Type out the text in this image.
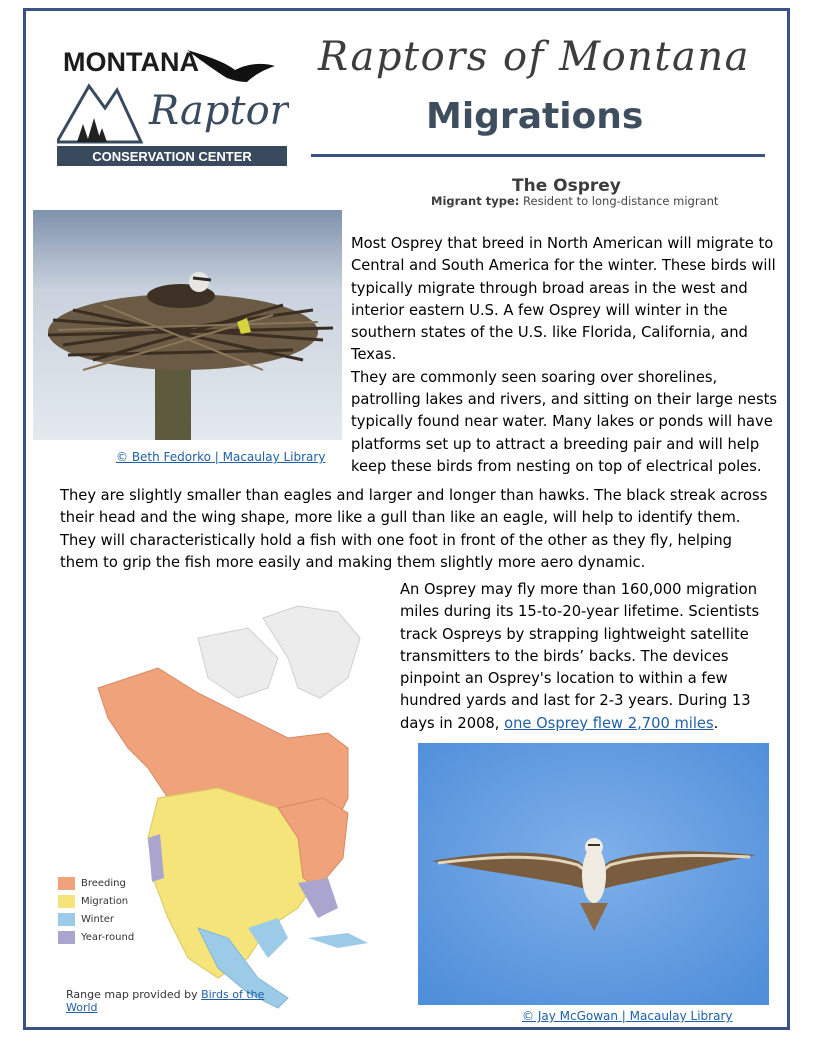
MONTANA
Raptor
CONSERVATION CENTER
Raptors of Montana
Migrations
The Osprey
Migrant type: Resident to long-distance migrant
© Beth Fedorko | Macaulay Library
Most Osprey that breed in North American will migrate to Central and South America for the winter. These birds will typically migrate through broad areas in the west and interior eastern U.S. A few Osprey will winter in the southern states of the U.S. like Florida, California, and Texas.
They are commonly seen soaring over shorelines, patrolling lakes and rivers, and sitting on their large nests typically found near water. Many lakes or ponds will have platforms set up to attract a breeding pair and will help keep these birds from nesting on top of electrical poles.
They are slightly smaller than eagles and larger and longer than hawks. The black streak across their head and the wing shape, more like a gull than like an eagle, will help to identify them. They will characteristically hold a fish with one foot in front of the other as they fly, helping them to grip the fish more easily and making them slightly more aero dynamic.
An Osprey may fly more than 160,000 migration miles during its 15-to-20-year lifetime. Scientists track Ospreys by strapping lightweight satellite transmitters to the birds’ backs. The devices pinpoint an Osprey's location to within a few hundred yards and last for 2-3 years. During 13 days in 2008, one Osprey flew 2,700 miles.
Breeding
Migration
Winter
Year-round
Range map provided by Birds of the World
© Jay McGowan | Macaulay Library
